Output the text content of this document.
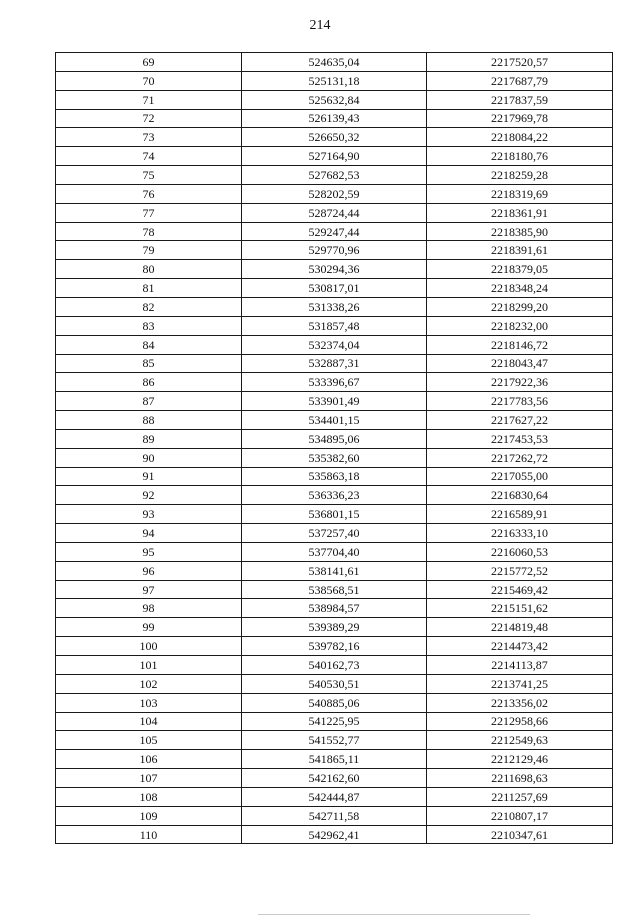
214
69	524635,04	2217520,57
70	525131,18	2217687,79
71	525632,84	2217837,59
72	526139,43	2217969,78
73	526650,32	2218084,22
74	527164,90	2218180,76
75	527682,53	2218259,28
76	528202,59	2218319,69
77	528724,44	2218361,91
78	529247,44	2218385,90
79	529770,96	2218391,61
80	530294,36	2218379,05
81	530817,01	2218348,24
82	531338,26	2218299,20
83	531857,48	2218232,00
84	532374,04	2218146,72
85	532887,31	2218043,47
86	533396,67	2217922,36
87	533901,49	2217783,56
88	534401,15	2217627,22
89	534895,06	2217453,53
90	535382,60	2217262,72
91	535863,18	2217055,00
92	536336,23	2216830,64
93	536801,15	2216589,91
94	537257,40	2216333,10
95	537704,40	2216060,53
96	538141,61	2215772,52
97	538568,51	2215469,42
98	538984,57	2215151,62
99	539389,29	2214819,48
100	539782,16	2214473,42
101	540162,73	2214113,87
102	540530,51	2213741,25
103	540885,06	2213356,02
104	541225,95	2212958,66
105	541552,77	2212549,63
106	541865,11	2212129,46
107	542162,60	2211698,63
108	542444,87	2211257,69
109	542711,58	2210807,17
110	542962,41	2210347,61
